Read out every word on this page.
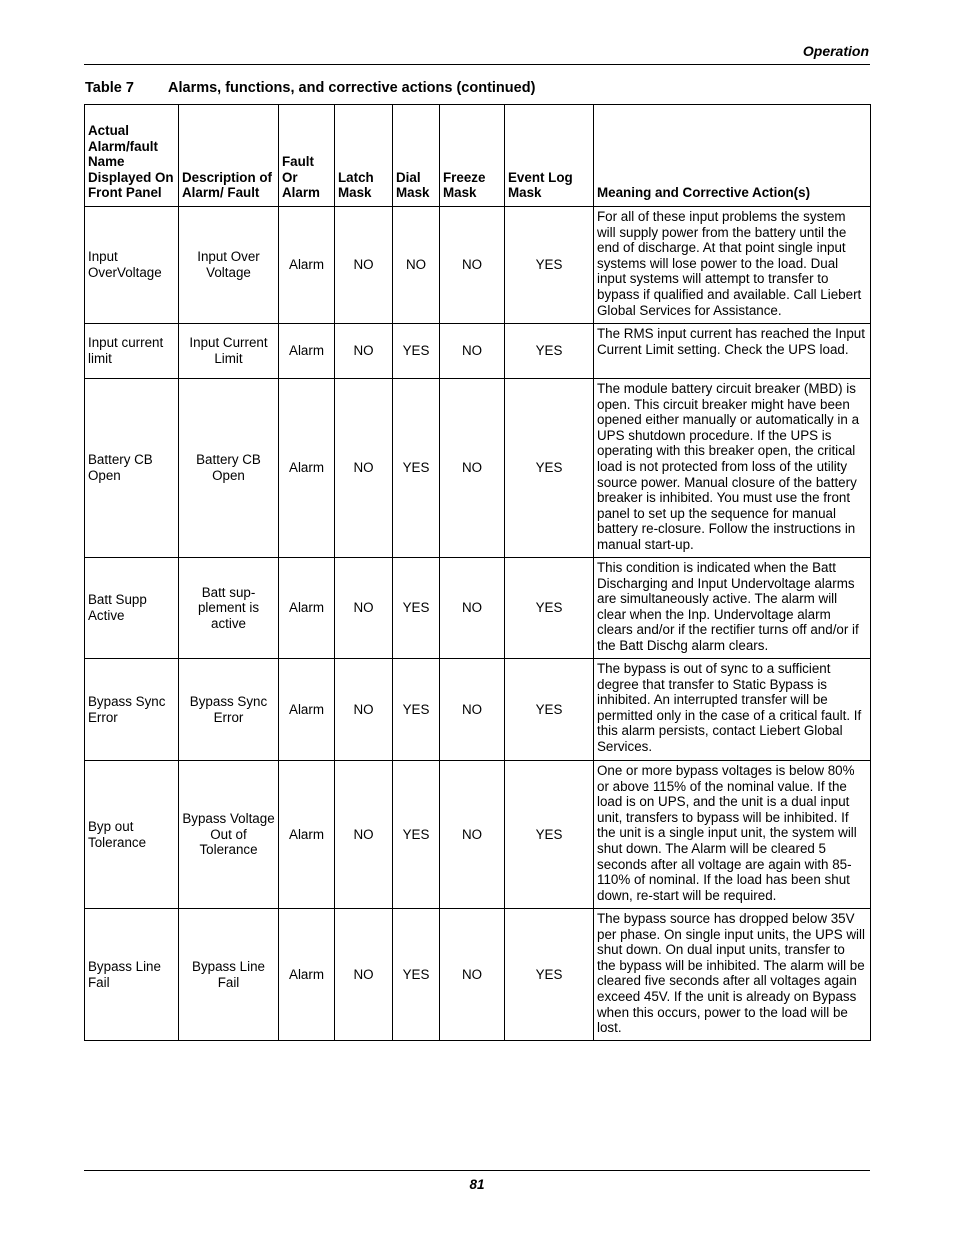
Operation
Table 7 Alarms, functions, and corrective actions (continued)
Actual Alarm/fault Name Displayed On Front Panel	Description of Alarm/ Fault	Fault Or Alarm	Latch Mask	Dial Mask	Freeze Mask	Event Log Mask	Meaning and Corrective Action(s)
Input OverVoltage	Input Over Voltage	Alarm	NO	NO	NO	YES	For all of these input problems the system will supply power from the battery until the end of discharge. At that point single input systems will lose power to the load. Dual input systems will attempt to transfer to bypass if qualified and available. Call Liebert Global Services for Assistance.
Input current limit	Input Current Limit	Alarm	NO	YES	NO	YES	The RMS input current has reached the Input Current Limit setting. Check the UPS load.
Battery CB Open	Battery CB Open	Alarm	NO	YES	NO	YES	The module battery circuit breaker (MBD) is open. This circuit breaker might have been opened either manually or automatically in a UPS shutdown procedure. If the UPS is operating with this breaker open, the critical load is not protected from loss of the utility source power. Manual closure of the battery breaker is inhibited. You must use the front panel to set up the sequence for manual battery re-closure. Follow the instructions in manual start-up.
Batt Supp Active	Batt sup-plement is active	Alarm	NO	YES	NO	YES	This condition is indicated when the Batt Discharging and Input Undervoltage alarms are simultaneously active. The alarm will clear when the Inp. Undervoltage alarm clears and/or if the rectifier turns off and/or if the Batt Dischg alarm clears.
Bypass Sync Error	Bypass Sync Error	Alarm	NO	YES	NO	YES	The bypass is out of sync to a sufficient degree that transfer to Static Bypass is inhibited. An interrupted transfer will be permitted only in the case of a critical fault. If this alarm persists, contact Liebert Global Services.
Byp out Tolerance	Bypass Voltage Out of Tolerance	Alarm	NO	YES	NO	YES	One or more bypass voltages is below 80% or above 115% of the nominal value. If the load is on UPS, and the unit is a dual input unit, transfers to bypass will be inhibited. If the unit is a single input unit, the system will shut down. The Alarm will be cleared 5 seconds after all voltage are again with 85-110% of nominal. If the load has been shut down, re-start will be required.
Bypass Line Fail	Bypass Line Fail	Alarm	NO	YES	NO	YES	The bypass source has dropped below 35V per phase. On single input units, the UPS will shut down. On dual input units, transfer to the bypass will be inhibited. The alarm will be cleared five seconds after all voltages again exceed 45V. If the unit is already on Bypass when this occurs, power to the load will be lost.
81
